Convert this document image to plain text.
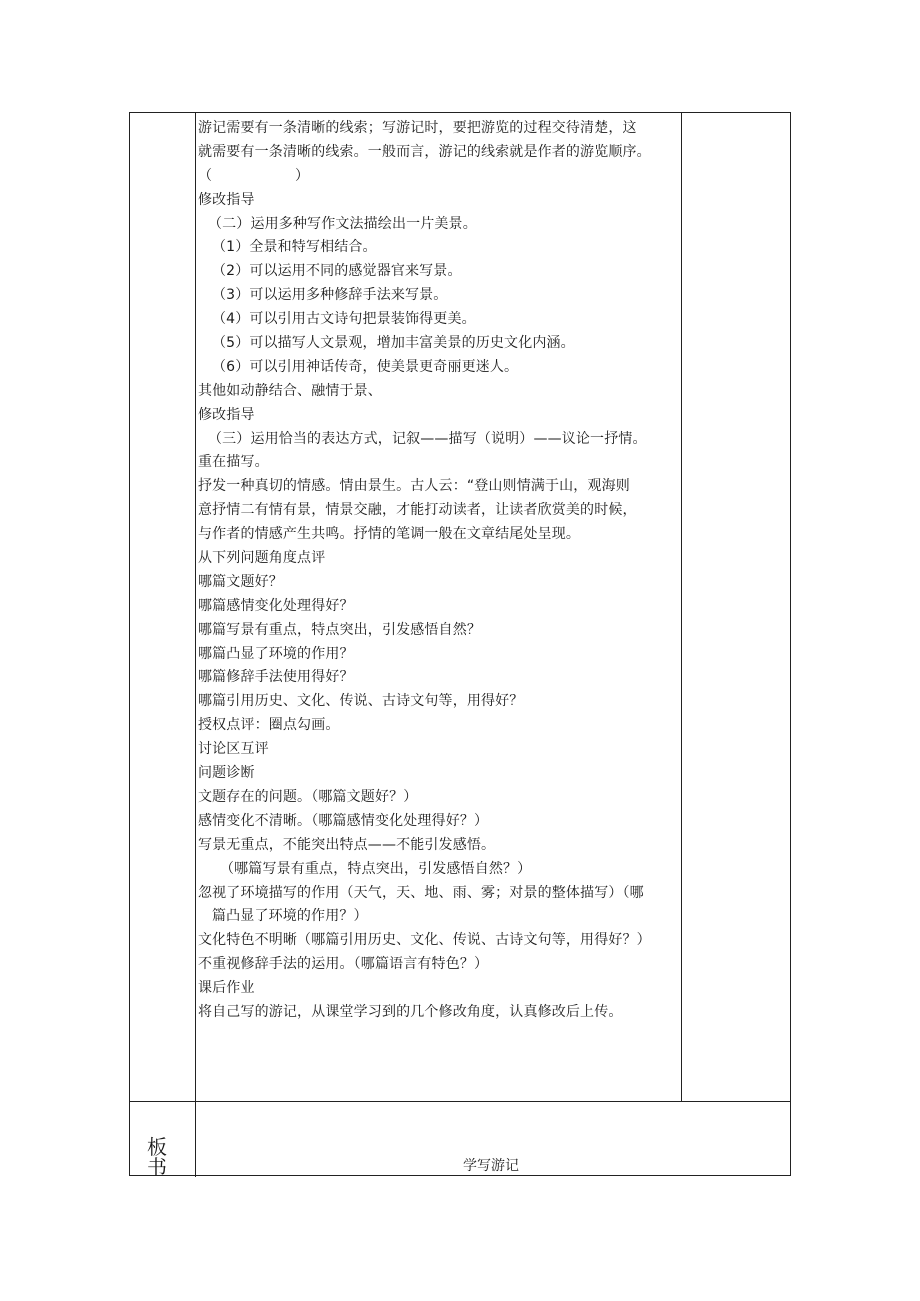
游记需要有一条清晰的线索；写游记时，要把游览的过程交待清楚，这
就需要有一条清晰的线索。一般而言，游记的线索就是作者的游览顺序。
（                  ）
修改指导
（二）运用多种写作文法描绘出一片美景。
（1）全景和特写相结合。
（2）可以运用不同的感觉器官来写景。
（3）可以运用多种修辞手法来写景。
（4）可以引用古文诗句把景装饰得更美。
（5）可以描写人文景观，增加丰富美景的历史文化内涵。
（6）可以引用神话传奇，使美景更奇丽更迷人。
其他如动静结合、融情于景、
修改指导
（三）运用恰当的表达方式，记叙——描写（说明）——议论一抒情。
重在描写。
抒发一种真切的情感。情由景生。古人云：“登山则情满于山，观海则
意抒情二有情有景，情景交融，才能打动读者，让读者欣赏美的时候，
与作者的情感产生共鸣。抒情的笔调一般在文章结尾处呈现。
从下列问题角度点评
哪篇文题好？
哪篇感情变化处理得好？
哪篇写景有重点，特点突出，引发感悟自然？
哪篇凸显了环境的作用？
哪篇修辞手法使用得好？
哪篇引用历史、文化、传说、古诗文句等，用得好？
授权点评：圈点勾画。
讨论区互评
问题诊断
文题存在的问题。（哪篇文题好？）
感情变化不清晰。（哪篇感情变化处理得好？）
写景无重点，不能突出特点——不能引发感悟。
（哪篇写景有重点，特点突出，引发感悟自然？）
忽视了环境描写的作用（天气，天、地、雨、雾；对景的整体描写）（哪
篇凸显了环境的作用？）
文化特色不明晰（哪篇引用历史、文化、传说、古诗文句等，用得好？）
不重视修辞手法的运用。（哪篇语言有特色？）
课后作业
将自己写的游记，从课堂学习到的几个修改角度，认真修改后上传。
板书	学写游记
